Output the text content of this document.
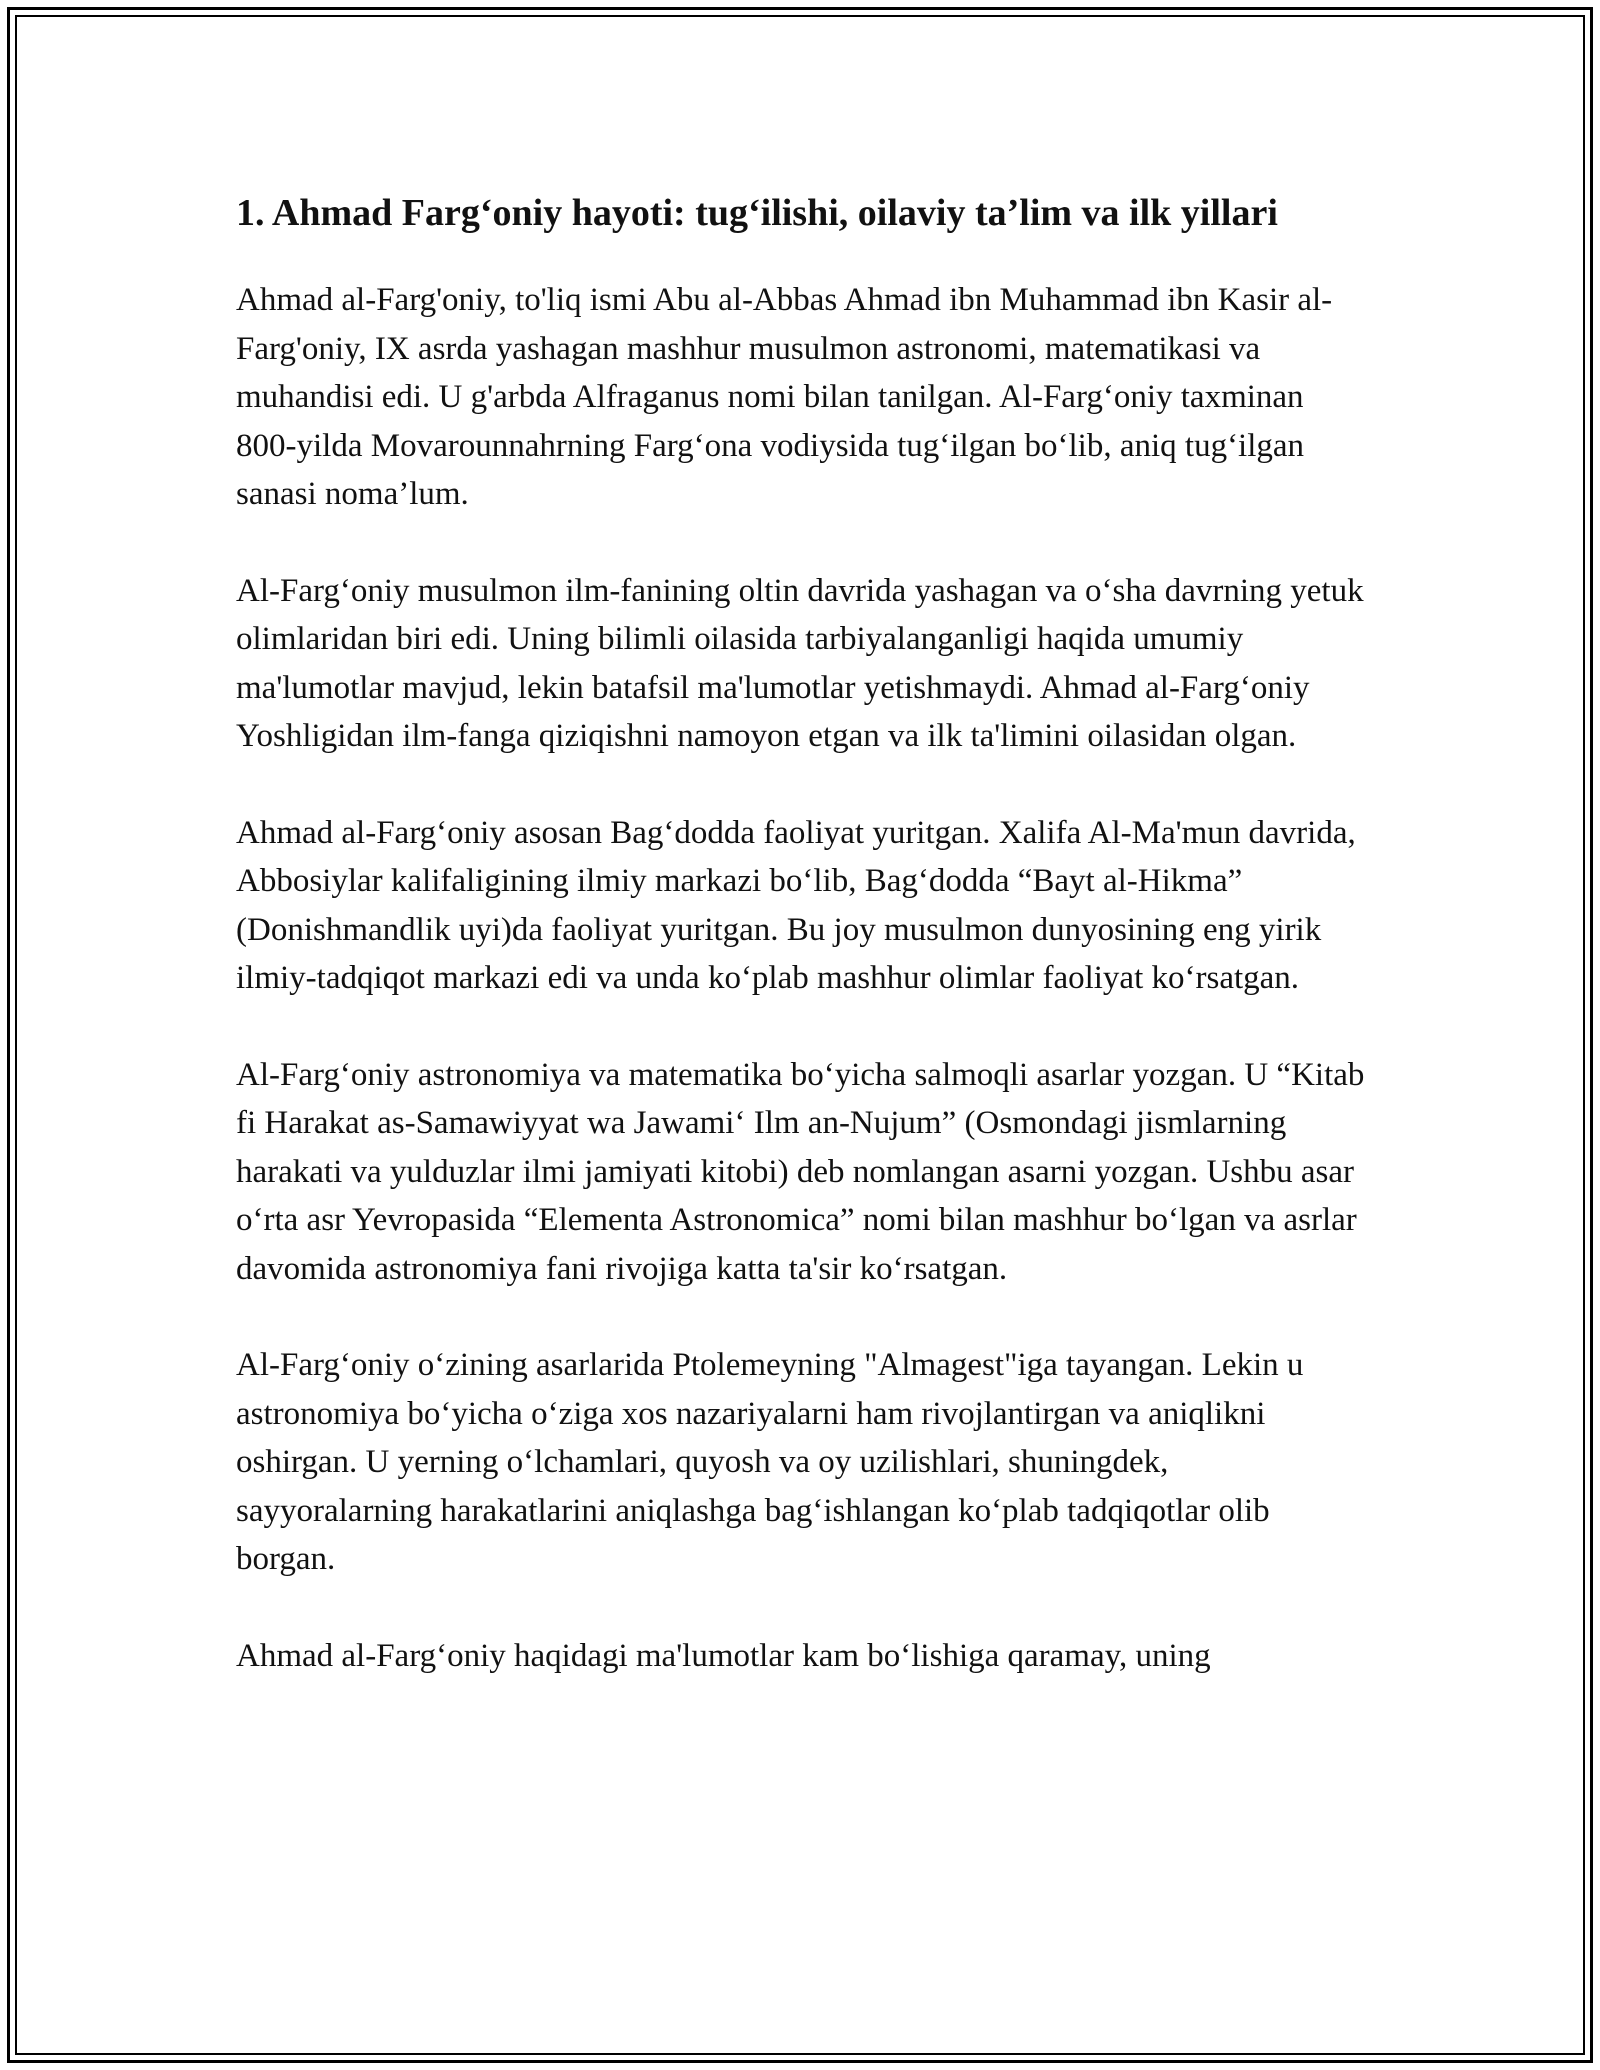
1. Ahmad Farg‘oniy hayoti: tug‘ilishi, oilaviy ta’lim va ilk yillari

Ahmad al-Farg'oniy, to'liq ismi Abu al-Abbas Ahmad ibn Muhammad ibn Kasir al-Farg'oniy, IX asrda yashagan mashhur musulmon astronomi, matematikasi va muhandisi edi. U g'arbda Alfraganus nomi bilan tanilgan. Al-Farg‘oniy taxminan 800-yilda Movarounnahrning Farg‘ona vodiysida tug‘ilgan bo‘lib, aniq tug‘ilgan sanasi noma’lum.

Al-Farg‘oniy musulmon ilm-fanining oltin davrida yashagan va o‘sha davrning yetuk olimlaridan biri edi. Uning bilimli oilasida tarbiyalanganligi haqida umumiy ma'lumotlar mavjud, lekin batafsil ma'lumotlar yetishmaydi. Ahmad al-Farg‘oniy Yoshligidan ilm-fanga qiziqishni namoyon etgan va ilk ta'limini oilasidan olgan.

Ahmad al-Farg‘oniy asosan Bag‘dodda faoliyat yuritgan. Xalifa Al-Ma'mun davrida, Abbosiylar kalifaligining ilmiy markazi bo‘lib, Bag‘dodda “Bayt al-Hikma” (Donishmandlik uyi)da faoliyat yuritgan. Bu joy musulmon dunyosining eng yirik ilmiy-tadqiqot markazi edi va unda ko‘plab mashhur olimlar faoliyat ko‘rsatgan.

Al-Farg‘oniy astronomiya va matematika bo‘yicha salmoqli asarlar yozgan. U “Kitab fi Harakat as-Samawiyyat wa Jawami‘ Ilm an-Nujum” (Osmondagi jismlarning harakati va yulduzlar ilmi jamiyati kitobi) deb nomlangan asarni yozgan. Ushbu asar o‘rta asr Yevropasida “Elementa Astronomica” nomi bilan mashhur bo‘lgan va asrlar davomida astronomiya fani rivojiga katta ta'sir ko‘rsatgan.

Al-Farg‘oniy o‘zining asarlarida Ptolemeyning "Almagest"iga tayangan. Lekin u astronomiya bo‘yicha o‘ziga xos nazariyalarni ham rivojlantirgan va aniqlikni oshirgan. U yerning o‘lchamlari, quyosh va oy uzilishlari, shuningdek, sayyoralarning harakatlarini aniqlashga bag‘ishlangan ko‘plab tadqiqotlar olib borgan.

Ahmad al-Farg‘oniy haqidagi ma'lumotlar kam bo‘lishiga qaramay, uning
